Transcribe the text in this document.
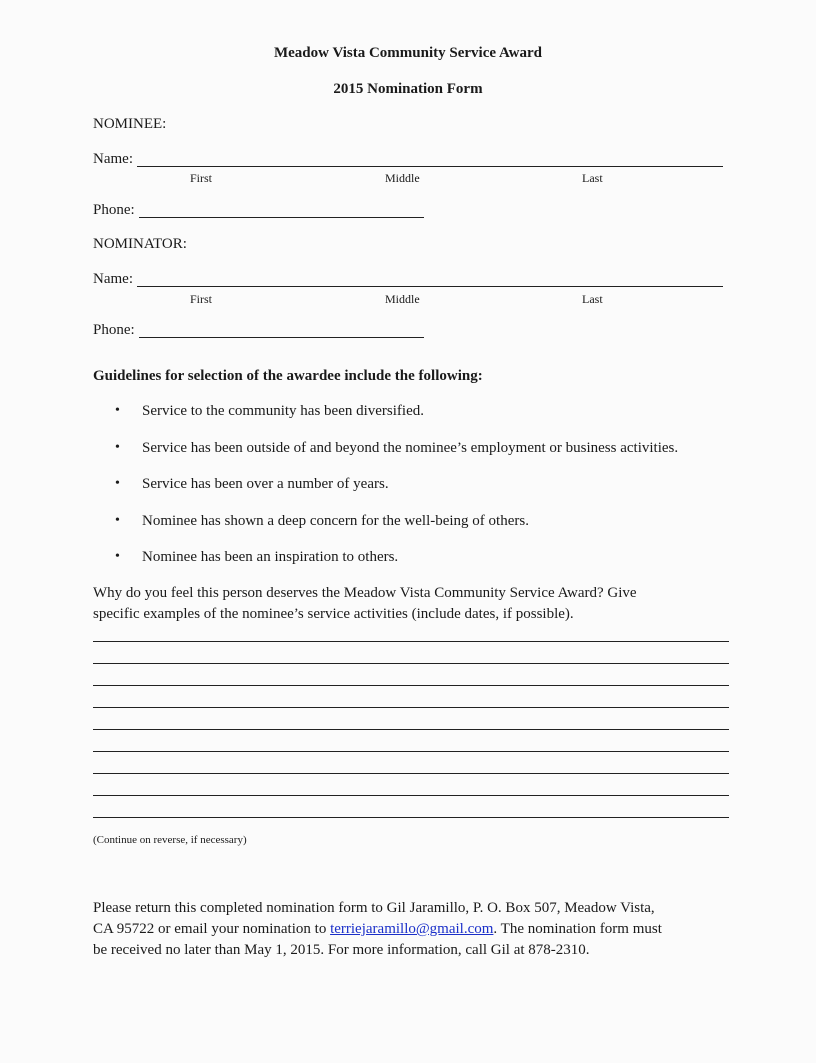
Meadow Vista Community Service Award
2015 Nomination Form
NOMINEE:
Name:
First	Middle	Last
Phone:
NOMINATOR:
Name:
First	Middle	Last
Phone:
Guidelines for selection of the awardee include the following:
• Service to the community has been diversified.
• Service has been outside of and beyond the nominee’s employment or business activities.
• Service has been over a number of years.
• Nominee has shown a deep concern for the well-being of others.
• Nominee has been an inspiration to others.
Why do you feel this person deserves the Meadow Vista Community Service Award? Give
specific examples of the nominee’s service activities (include dates, if possible).
(Continue on reverse, if necessary)
Please return this completed nomination form to Gil Jaramillo, P. O. Box 507, Meadow Vista,
CA 95722 or email your nomination to terriejaramillo@gmail.com. The nomination form must
be received no later than May 1, 2015. For more information, call Gil at 878-2310.
